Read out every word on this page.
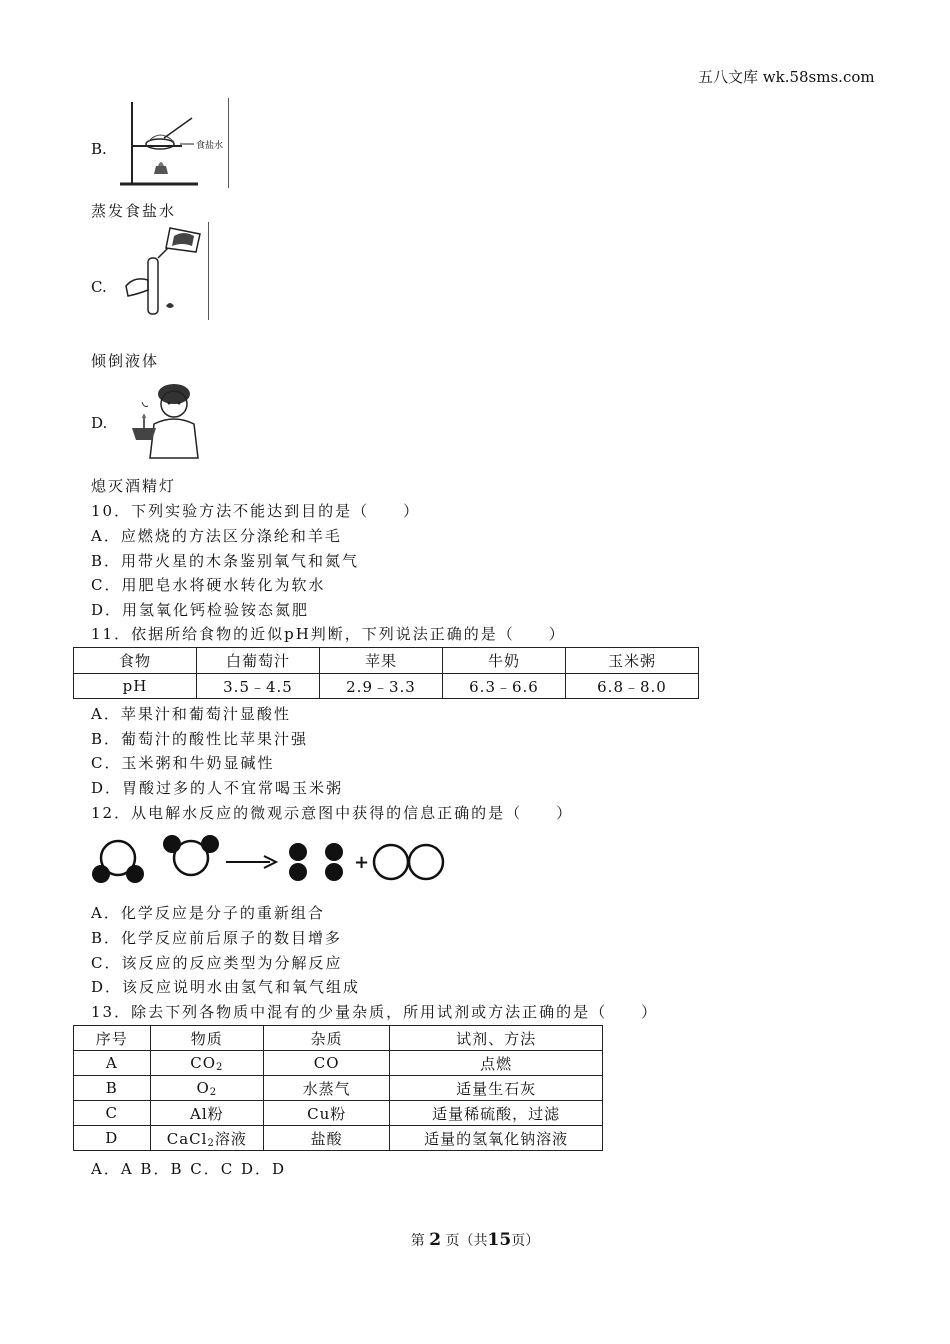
五八文库 wk.58sms.com
B.	食盐水
蒸发食盐水
C.
倾倒液体
D.
熄灭酒精灯
10．下列实验方法不能达到目的是（　　）
A．应燃烧的方法区分涤纶和羊毛
B．用带火星的木条鉴别氧气和氮气
C．用肥皂水将硬水转化为软水
D．用氢氧化钙检验铵态氮肥
11．依据所给食物的近似pH判断，下列说法正确的是（　　）
食物	白葡萄汁	苹果	牛奶	玉米粥
pH	3.5﹣4.5	2.9﹣3.3	6.3﹣6.6	6.8﹣8.0
A．苹果汁和葡萄汁显酸性
B．葡萄汁的酸性比苹果汁强
C．玉米粥和牛奶显碱性
D．胃酸过多的人不宜常喝玉米粥
12．从电解水反应的微观示意图中获得的信息正确的是（　　）
+
A．化学反应是分子的重新组合
B．化学反应前后原子的数目增多
C．该反应的反应类型为分解反应
D．该反应说明水由氢气和氧气组成
13．除去下列各物质中混有的少量杂质，所用试剂或方法正确的是（　　）
序号	物质	杂质	试剂、方法
A	$CO_2$	CO	点燃
B	$O_2$	水蒸气	适量生石灰
C	Al粉	Cu粉	适量稀硫酸，过滤
D	CaCl$_2$溶液	盐酸	适量的氢氧化钠溶液
A．A B．B C．C D．D
第 2 页（共15页）
